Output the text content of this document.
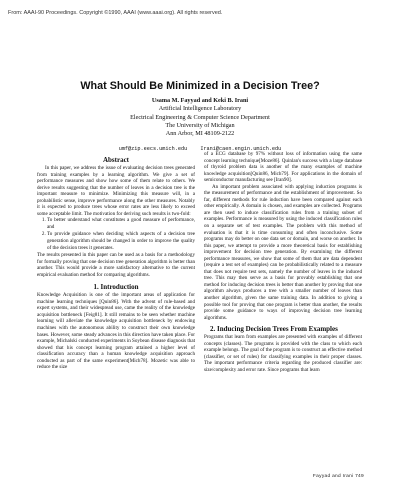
From: AAAI-90 Proceedings. Copyright ©1990, AAAI (www.aaai.org). All rights reserved.
What Should Be Minimized in a Decision Tree?
Usama M. Fayyad and Keki B. Irani
Artificial Intelligence Laboratory
Electrical Engineering & Computer Science Department
The University of Michigan
Ann Arbor, MI 48109-2122
umf@zip.eecs.umich.edu	Irani@caen.engin.umich.edu
Abstract

In this paper, we address the issue of evaluating decision trees generated from training examples by a learning algorithm. We give a set of performance measures and show how some of them relate to others. We derive results suggesting that the number of leaves in a decision tree is the important measure to minimize. Minimizing this measure will, in a probabilistic sense, improve performance along the other measures. Notably it is expected to produce trees whose error rates are less likely to exceed some acceptable limit. The motivation for deriving such results is two-fold:

1. To better understand what constitutes a good measure of performance, and
2. To provide guidance when deciding which aspects of a decision tree generation algorithm should be changed in order to improve the quality of the decision trees it generates.

The results presented in this paper can be used as a basis for a methodology for formally proving that one decision tree generation algorithm is better than another. This would provide a more satisfactory alternative to the current empirical evaluation method for comparing algorithms.

1. Introduction

Knowledge Acquisition is one of the important areas of application for machine learning techniques [Quin86]. With the advent of rule-based and expert systems, and their widespread use, came the reality of the knowledge acquisition bottleneck [Feig81]. It still remains to be seen whether machine learning will alleviate the knowledge acquisition bottleneck by endowing machines with the autonomous ability to construct their own knowledge bases. However, some steady advances in this direction have taken place. For example, Michalski conducted experiments in Soybean disease diagnosis that showed that his concept learning program attained a higher level of classification accuracy than a human knowledge acquisition approach conducted as part of the same experiment[Mich78]. Mozetic was able to reduce the size

of a ECG database by 97% without loss of information using the same concept learning technique[Moze86]. Quinlan's success with a large database of thyroid problem data is another of the many examples of machine knowledge acquisition[Quin86, Mich79]. For applications in the domain of semiconductor manufacturing see [Iran90].

An important problem associated with applying induction programs is the measurement of performance and the establishment of improvement. So far, different methods for rule induction have been compared against each other empirically. A domain is chosen, and examples are collected. Programs are then used to induce classification rules from a training subset of examples. Performance is measured by using the induced classification rules on a separate set of test examples. The problem with this method of evaluation is that it is time consuming and often inconclusive. Some programs may do better on one data set or domain, and worse on another. In this paper, we attempt to provide a more theoretical basis for establishing improvement for decision tree generation. By examining the different performance measures, we show that some of them that are data dependent (require a test set of examples) can be probabilistically related to a measure that does not require test sets, namely the number of leaves in the induced tree. This may then serve as a basis for provably establishing that one method for inducing decision trees is better than another by proving that one algorithm always produces a tree with a smaller number of leaves than another algorithm, given the same training data. In addition to giving a possible tool for proving that one program is better than another, the results provide some guidance to ways of improving decision tree learning algorithms.

2. Inducing Decision Trees From Examples

Programs that learn from examples are presented with examples of different concepts (classes). The programs is provided with the class to which each example belongs. The goal of the program is to construct an effective method (classifier, or set of rules) for classifying examples in their proper classes. The important performance criteria regarding the produced classifier are: size/complexity and error rate. Since programs that learn

Fayyad and Irani 749
